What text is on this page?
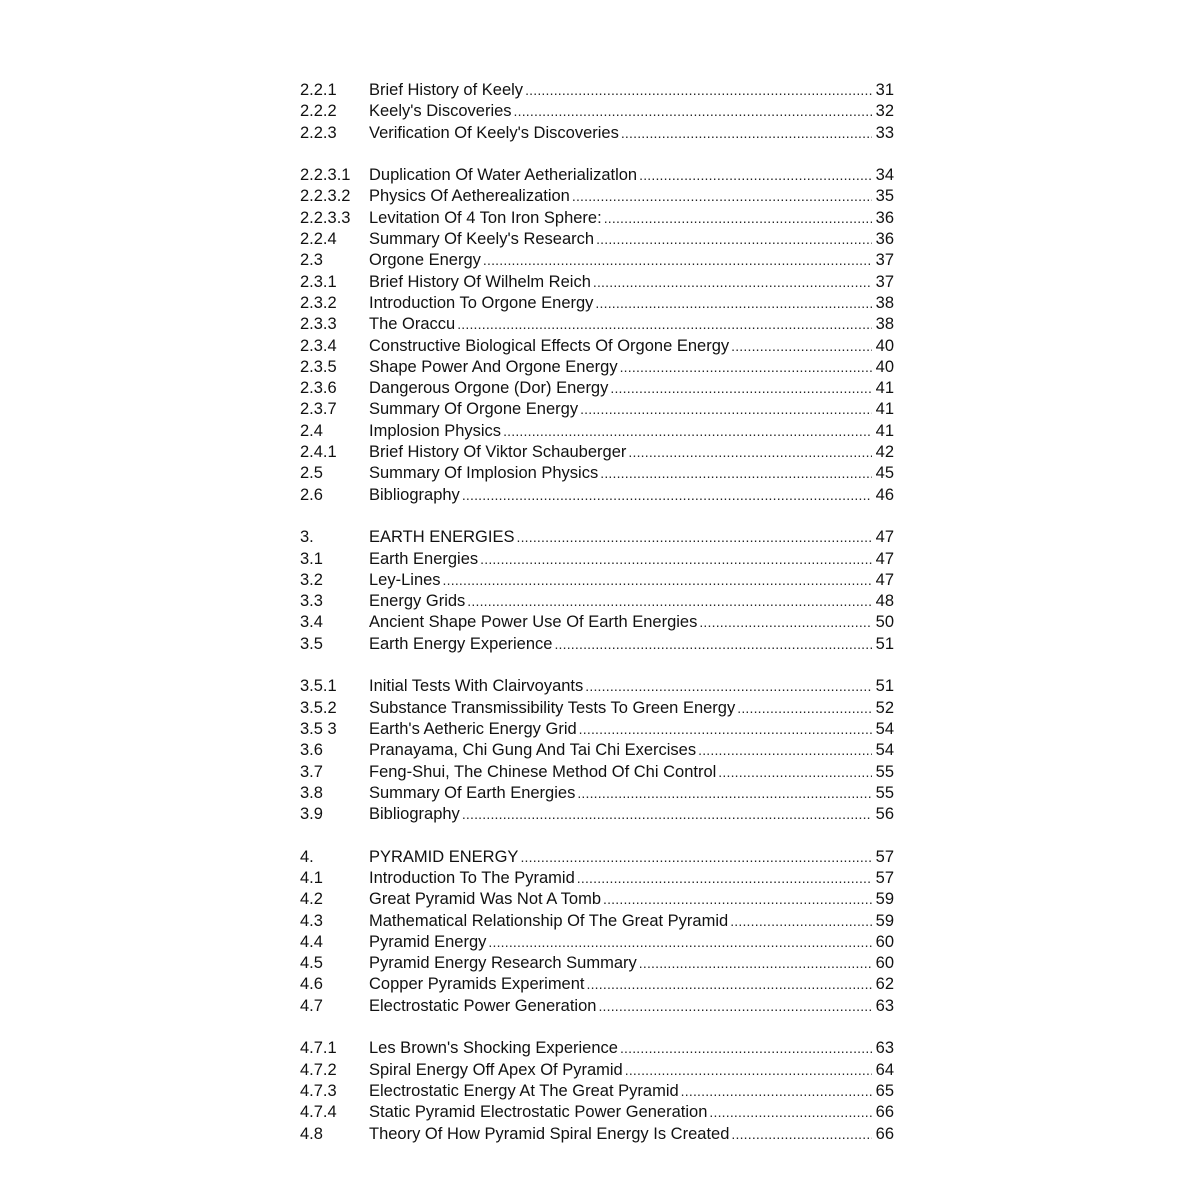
2.2.1	Brief History of Keely .....	31
2.2.2	Keely's Discoveries .....	32
2.2.3	Verification Of Keely's Discoveries .....	33
2.2.3.1	Duplication Of Water Aetherializatlon .....	34
2.2.3.2	Physics Of Aetherealization .....	35
2.2.3.3	Levitation Of 4 Ton Iron Sphere: .....	36
2.2.4	Summary Of Keely's Research .....	36
2.3	Orgone Energy .....	37
2.3.1	Brief History Of Wilhelm Reich .....	37
2.3.2	Introduction To Orgone Energy .....	38
2.3.3	The Oraccu .....	38
2.3.4	Constructive Biological Effects Of Orgone Energy .....	40
2.3.5	Shape Power And Orgone Energy .....	40
2.3.6	Dangerous Orgone (Dor) Energy .....	41
2.3.7	Summary Of Orgone Energy .....	41
2.4	Implosion Physics .....	41
2.4.1	Brief History Of Viktor Schauberger .....	42
2.5	Summary Of Implosion Physics .....	45
2.6	Bibliography .....	46
3.	EARTH ENERGIES .....	47
3.1	Earth Energies .....	47
3.2	Ley-Lines .....	47
3.3	Energy Grids .....	48
3.4	Ancient Shape Power Use Of Earth Energies .....	50
3.5	Earth Energy Experience .....	51
3.5.1	Initial Tests With Clairvoyants .....	51
3.5.2	Substance Transmissibility Tests To Green Energy .....	52
3.5 3	Earth's Aetheric Energy Grid .....	54
3.6	Pranayama, Chi Gung And Tai Chi Exercises .....	54
3.7	Feng-Shui, The Chinese Method Of Chi Control .....	55
3.8	Summary Of Earth Energies .....	55
3.9	Bibliography .....	56
4.	PYRAMID ENERGY .....	57
4.1	Introduction To The Pyramid .....	57
4.2	Great Pyramid Was Not A Tomb .....	59
4.3	Mathematical Relationship Of The Great Pyramid .....	59
4.4	Pyramid Energy .....	60
4.5	Pyramid Energy Research Summary .....	60
4.6	Copper Pyramids Experiment .....	62
4.7	Electrostatic Power Generation .....	63
4.7.1	Les Brown's Shocking Experience .....	63
4.7.2	Spiral Energy Off Apex Of Pyramid .....	64
4.7.3	Electrostatic Energy At The Great Pyramid .....	65
4.7.4	Static Pyramid Electrostatic Power Generation .....	66
4.8	Theory Of How Pyramid Spiral Energy Is Created .....	66
